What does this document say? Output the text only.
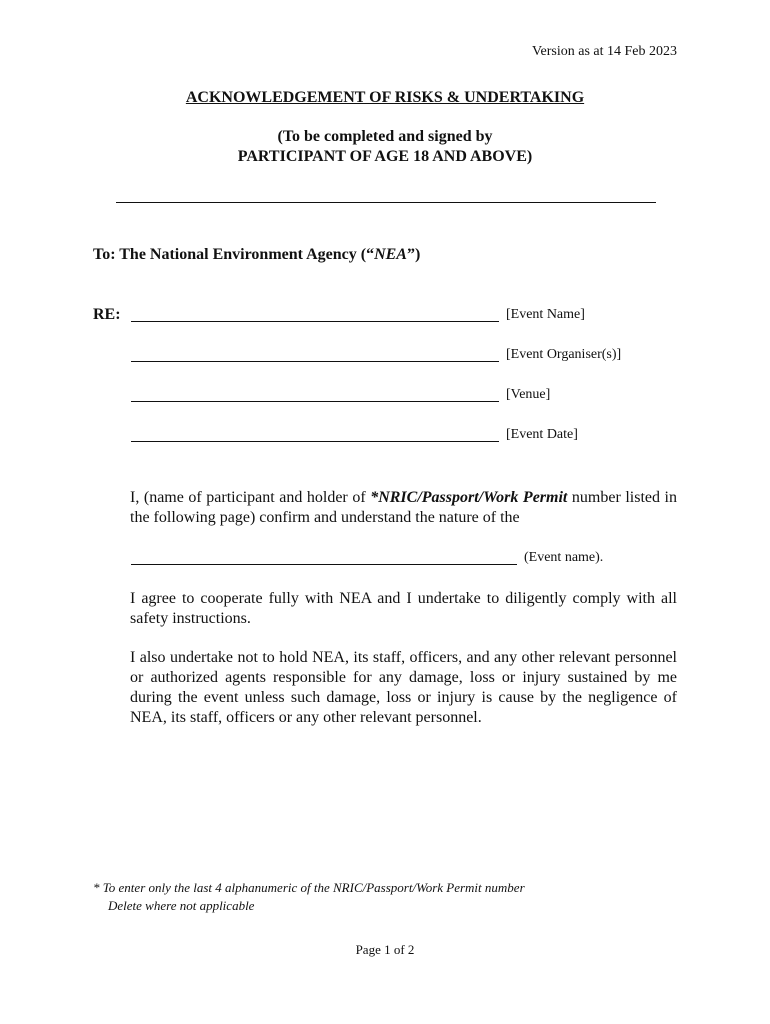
Version as at 14 Feb 2023
ACKNOWLEDGEMENT OF RISKS & UNDERTAKING
(To be completed and signed by
PARTICIPANT OF AGE 18 AND ABOVE)
To: The National Environment Agency (“NEA”)
RE:	[Event Name]
[Event Organiser(s)]
[Venue]
[Event Date]
I, (name of participant and holder of *NRIC/Passport/Work Permit number listed in the following page) confirm and understand the nature of the
(Event name).
I agree to cooperate fully with NEA and I undertake to diligently comply with all safety instructions.
I also undertake not to hold NEA, its staff, officers, and any other relevant personnel or authorized agents responsible for any damage, loss or injury sustained by me during the event unless such damage, loss or injury is cause by the negligence of NEA, its staff, officers or any other relevant personnel.
* To enter only the last 4 alphanumeric of the NRIC/Passport/Work Permit number
Delete where not applicable
Page 1 of 2
